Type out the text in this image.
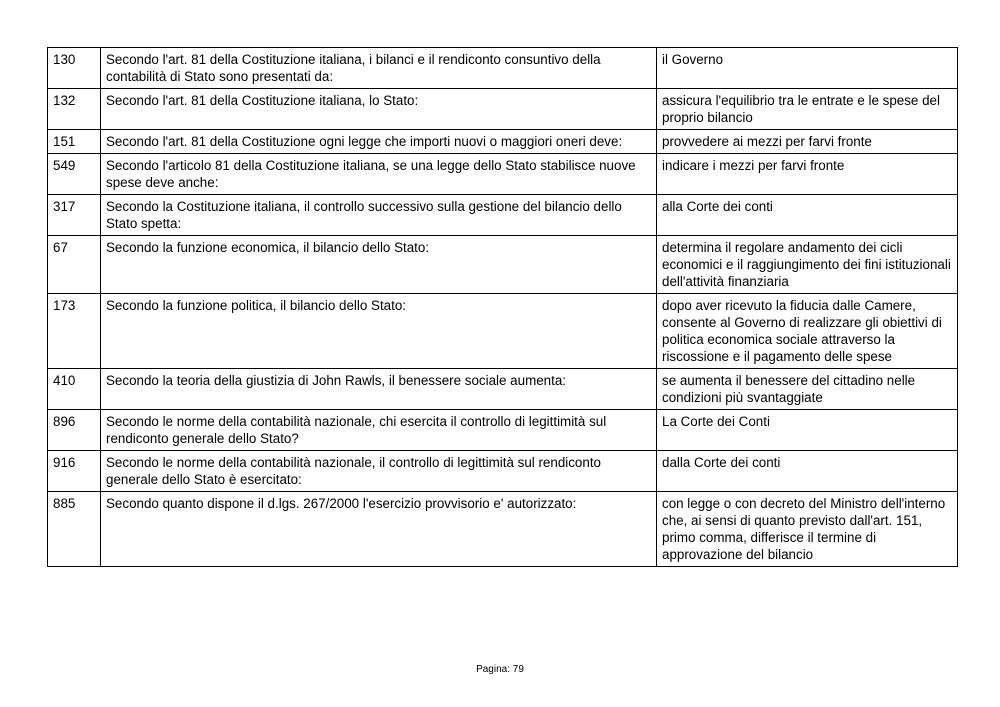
130	Secondo l'art. 81 della Costituzione italiana, i bilanci e il rendiconto consuntivo della contabilità di Stato sono presentati da:	il Governo
132	Secondo l'art. 81 della Costituzione italiana, lo Stato:	assicura l'equilibrio tra le entrate e le spese del proprio bilancio
151	Secondo l'art. 81 della Costituzione ogni legge che importi nuovi o maggiori oneri deve:	provvedere ai mezzi per farvi fronte
549	Secondo l'articolo 81 della Costituzione italiana, se una legge dello Stato stabilisce nuove spese deve anche:	indicare i mezzi per farvi fronte
317	Secondo la Costituzione italiana, il controllo successivo sulla gestione del bilancio dello Stato spetta:	alla Corte dei conti
67	Secondo la funzione economica, il bilancio dello Stato:	determina il regolare andamento dei cicli economici e il raggiungimento dei fini istituzionali dell'attività finanziaria
173	Secondo la funzione politica, il bilancio dello Stato:	dopo aver ricevuto la fiducia dalle Camere, consente al Governo di realizzare gli obiettivi di politica economica sociale attraverso la riscossione e il pagamento delle spese
410	Secondo la teoria della giustizia di John Rawls, il benessere sociale aumenta:	se aumenta il benessere del cittadino nelle condizioni più svantaggiate
896	Secondo le norme della contabilità nazionale, chi esercita il controllo di legittimità sul rendiconto generale dello Stato?	La Corte dei Conti
916	Secondo le norme della contabilità nazionale, il controllo di legittimità sul rendiconto generale dello Stato è esercitato:	dalla Corte dei conti
885	Secondo quanto dispone il d.lgs. 267/2000 l'esercizio provvisorio e' autorizzato:	con legge o con decreto del Ministro dell'interno che, ai sensi di quanto previsto dall'art. 151, primo comma, differisce il termine di approvazione del bilancio
Pagina: 79
